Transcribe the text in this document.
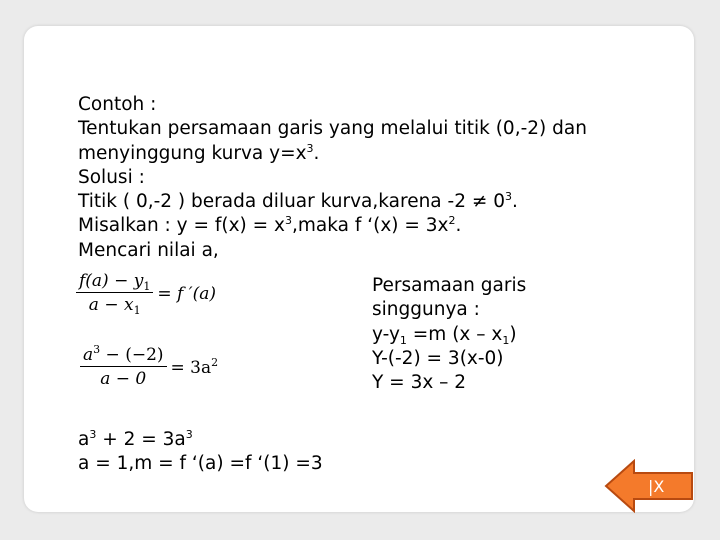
Contoh :
Tentukan persamaan garis yang melalui titik (0,-2) dan
menyinggung kurva $y=x^3$.
Solusi :
Titik ( 0,-2 ) berada diluar kurva,karena $-2 \ne 0^3$.
Misalkan : $y = f(x) = x^3,maka$ f ‘$(x) = 3x^2$.
Mencari nilai a,
$\frac{f(a) - y_1}{a - x_1} = f$ ′(a)
$\frac{a^3 - (-2)}{a - 0} = 3a^2$
Persamaan garis
singgunya :
$y-y_1 =m$ $(x - x_1)$
Y-(-2) = 3(x-0)
Y = 3x – 2
$a^3 + 2 = 3a^3$
a = 1,m = f ‘(a) =f ‘(1) =3
|X
